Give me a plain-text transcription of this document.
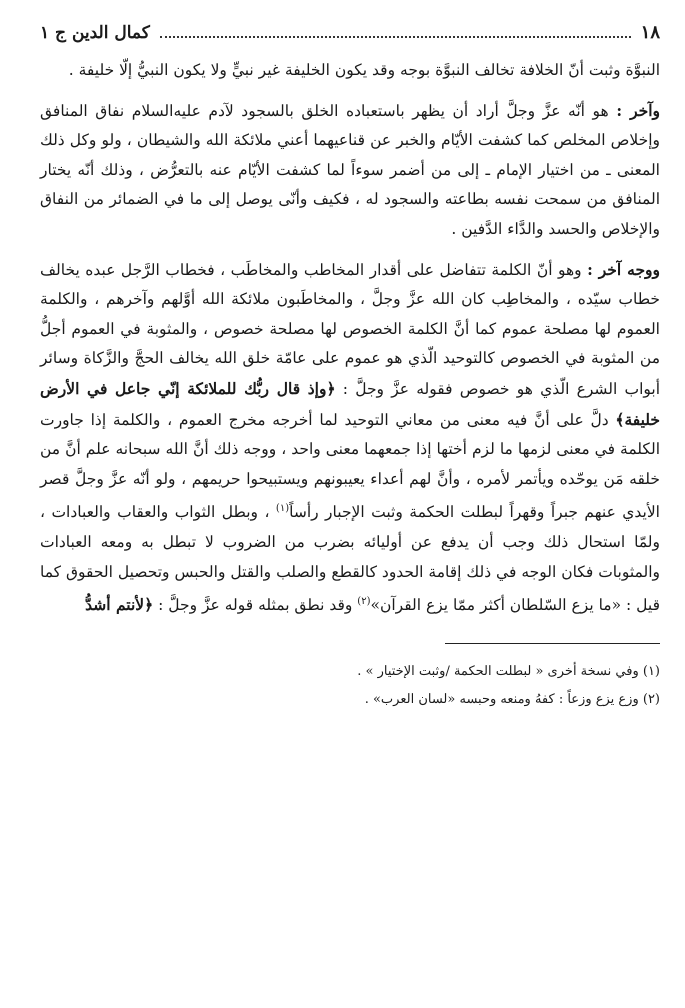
١٨
كمال الدين ج ١

النبوَّة وثبت أنّ الخلافة تخالف النبوَّة بوجه وقد يكون الخليفة غير نبيٍّ ولا يكون النبيُّ إلّا خليفة .

وآخر : هو أنّه عزَّ وجلَّ أراد أن يظهر باستعباده الخلق بالسجود لآدم عليه‌السلام نفاق المنافق وإخلاص المخلص كما كشفت الأيّام والخبر عن قناعيهما أعني ملائكة الله والشيطان ، ولو وكل ذلك المعنى ـ من اختيار الإمام ـ إلى من أضمر سوءاً لما كشفت الأيّام عنه بالتعرُّض ، وذلك أنّه يختار المنافق من سمحت نفسه بطاعته والسجود له ، فكيف وأنّى يوصل إلى ما في الضمائر من النفاق والإخلاص والحسد والدَّاء الدَّفين .

ووجه آخر : وهو أنّ الكلمة تتفاضل على أقدار المخاطب والمخاطَب ، فخطاب الرَّجل عبده يخالف خطاب سيّده ، والمخاطِب كان الله عزَّ وجلَّ ، والمخاطَبون ملائكة الله أوَّلهم وآخرهم ، والكلمة العموم لها مصلحة عموم كما أنَّ الكلمة الخصوص لها مصلحة خصوص ، والمثوبة في العموم أجلُّ من المثوبة في الخصوص كالتوحيد الّذي هو عموم على عامّة خلق الله يخالف الحجَّ والزَّكاة وسائر أبواب الشرع الّذي هو خصوص فقوله عزَّ وجلَّ : ﴿وإذ قال ربُّك للملائكة إنّي جاعل في الأرض خليفة﴾ دلَّ على أنَّ فيه معنى من معاني التوحيد لما أخرجه مخرج العموم ، والكلمة إذا جاورت الكلمة في معنى لزمها ما لزم أختها إذا جمعهما معنى واحد ، ووجه ذلك أنَّ الله سبحانه علم أنَّ من خلقه مَن يوحّده ويأتمر لأمره ، وأنَّ لهم أعداء يعيبونهم ويستبيحوا حريمهم ، ولو أنّه عزَّ وجلَّ قصر الأيدي عنهم جبراً وقهراً لبطلت الحكمة وثبت الإجبار رأساً$^{(١)}$ ، وبطل الثواب والعقاب والعبادات ، ولمّا استحال ذلك وجب أن يدفع عن أوليائه بضرب من الضروب لا تبطل به ومعه العبادات والمثوبات فكان الوجه في ذلك إقامة الحدود كالقطع والصلب والقتل والحبس وتحصيل الحقوق كما قيل : «ما يزع السّلطان أكثر ممّا يزع القرآن»$^{(٢)}$ وقد نطق بمثله قوله عزَّ وجلَّ : ﴿لأنتم أشدُّ

(١) وفي نسخة أخرى « لبطلت الحكمة /وثبت الإختيار » .

(٢) وزع يزع وزعاً : كفهُ ومنعه وحبسه «لسان العرب» .
